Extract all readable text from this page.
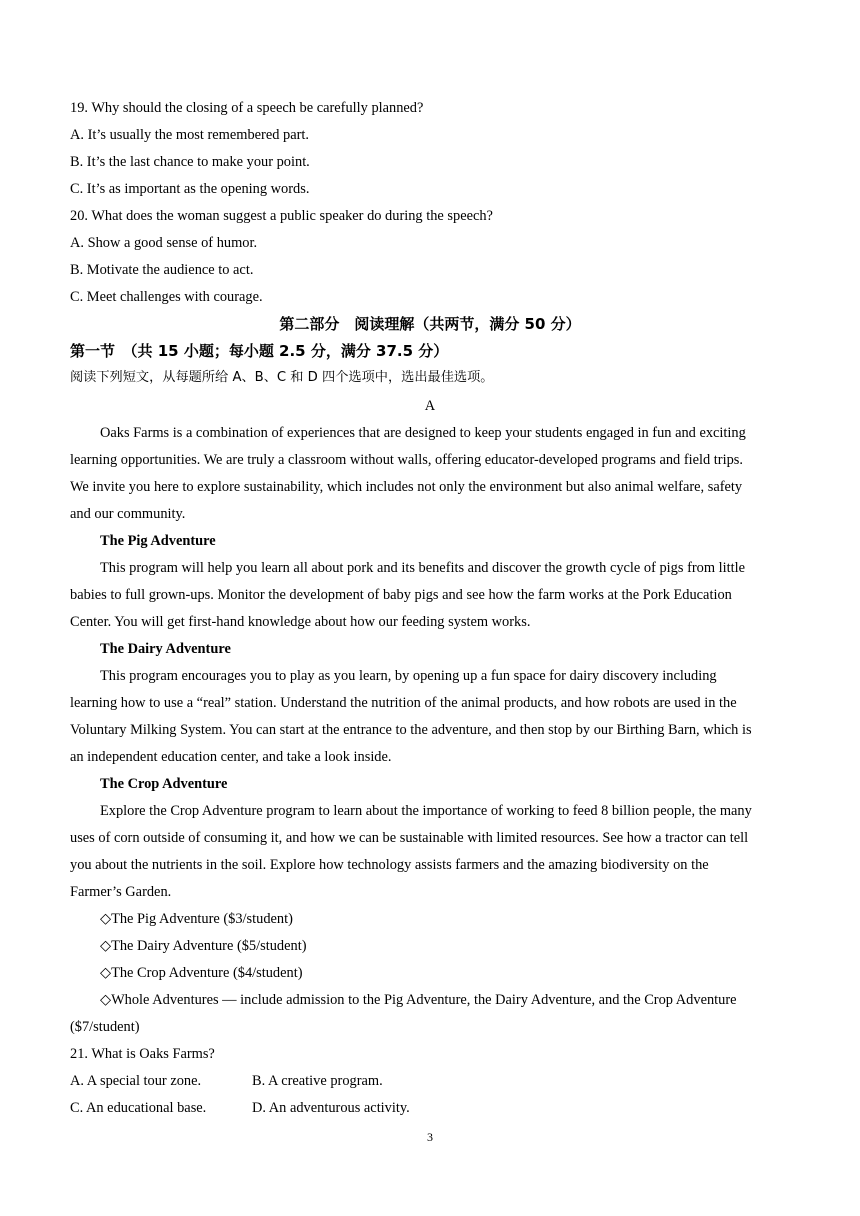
19. Why should the closing of a speech be carefully planned?
A. It’s usually the most remembered part.
B. It’s the last chance to make your point.
C. It’s as important as the opening words.
20. What does the woman suggest a public speaker do during the speech?
A. Show a good sense of humor.
B. Motivate the audience to act.
C. Meet challenges with courage.
第二部分　阅读理解（共两节，满分 50 分）
第一节　（共 15 小题；每小题 2.5 分，满分 37.5 分）
阅读下列短文，从每题所给 A、B、C 和 D 四个选项中，选出最佳选项。
A
Oaks Farms is a combination of experiences that are designed to keep your students engaged in fun and exciting
learning opportunities. We are truly a classroom without walls, offering educator-developed programs and field trips.
We invite you here to explore sustainability, which includes not only the environment but also animal welfare, safety
and our community.
The Pig Adventure
This program will help you learn all about pork and its benefits and discover the growth cycle of pigs from little
babies to full grown-ups. Monitor the development of baby pigs and see how the farm works at the Pork Education
Center. You will get first-hand knowledge about how our feeding system works.
The Dairy Adventure
This program encourages you to play as you learn, by opening up a fun space for dairy discovery including
learning how to use a “real” station. Understand the nutrition of the animal products, and how robots are used in the
Voluntary Milking System. You can start at the entrance to the adventure, and then stop by our Birthing Barn, which is
an independent education center, and take a look inside.
The Crop Adventure
Explore the Crop Adventure program to learn about the importance of working to feed 8 billion people, the many
uses of corn outside of consuming it, and how we can be sustainable with limited resources. See how a tractor can tell
you about the nutrients in the soil. Explore how technology assists farmers and the amazing biodiversity on the
Farmer’s Garden.
◇The Pig Adventure ($3/student)
◇The Dairy Adventure ($5/student)
◇The Crop Adventure ($4/student)
◇Whole Adventures — include admission to the Pig Adventure, the Dairy Adventure, and the Crop Adventure
($7/student)
21. What is Oaks Farms?
A. A special tour zone.	B. A creative program.
C. An educational base.	D. An adventurous activity.
3
